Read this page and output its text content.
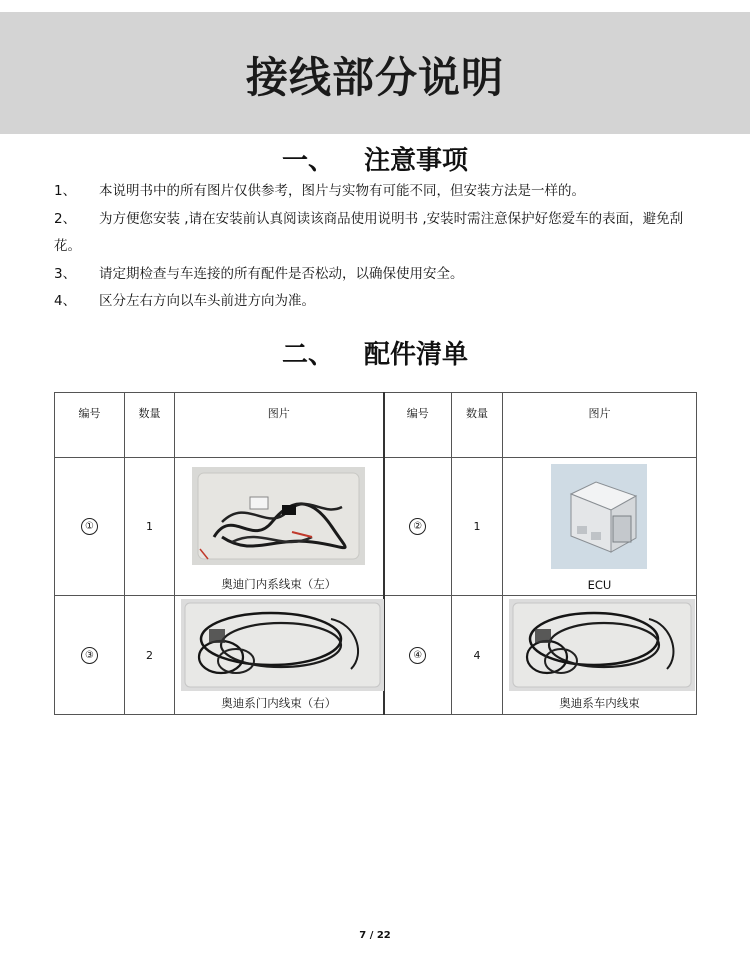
接线部分说明
一、 注意事项
1、	本说明书中的所有图片仅供参考，图片与实物有可能不同，但安装方法是一样的。
2、 为方便您安装 ,请在安装前认真阅读该商品使用说明书 ,安装时需注意保护好您爱车的表面，避免刮花。
3、	请定期检查与车连接的所有配件是否松动，以确保使用安全。
4、	区分左右方向以车头前进方向为准。
二、 配件清单
编号	数量	图片	编号	数量	图片
①	1	奥迪门内系线束（左）	②	1	ECU

③	2	奥迪系门内线束（右）	④	4	奥迪系车内线束
7 / 22
